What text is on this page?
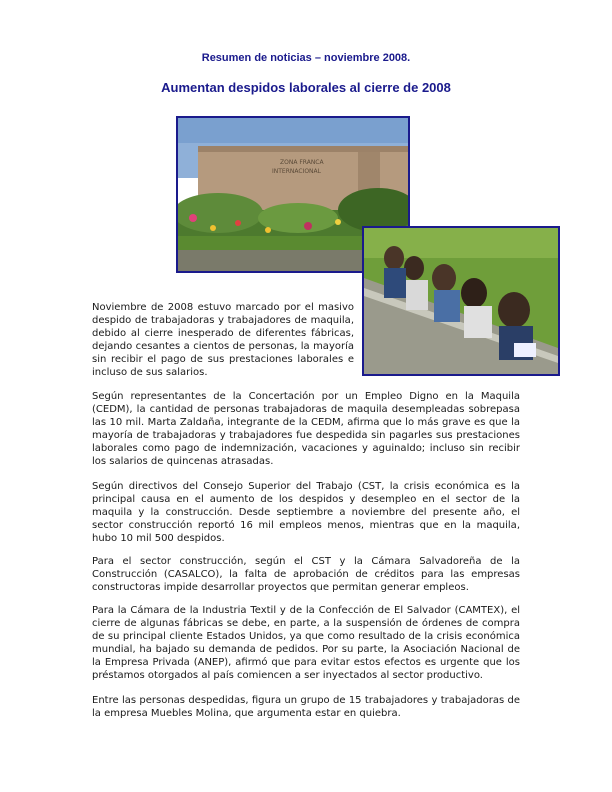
Resumen de noticias – noviembre 2008.
Aumentan despidos laborales al cierre de 2008
ZONA FRANCA
INTERNACIONAL

Noviembre de 2008 estuvo marcado por el masivo despido de trabajadoras y trabajadores de maquila, debido al cierre inesperado de diferentes fábricas, dejando cesantes a cientos de personas, la mayoría sin recibir el pago de sus prestaciones laborales e incluso de sus salarios.

Según representantes de la Concertación por un Empleo Digno en la Maquila (CEDM), la cantidad de personas trabajadoras de maquila desempleadas sobrepasa las 10 mil. Marta Zaldaña, integrante de la CEDM, afirma que lo más grave es que la mayoría de trabajadoras y trabajadores fue despedida sin pagarles sus prestaciones laborales como pago de indemnización, vacaciones y aguinaldo; incluso sin recibir los salarios de quincenas atrasadas.

Según directivos del Consejo Superior del Trabajo (CST, la crisis económica es la principal causa en el aumento de los despidos y desempleo en el sector de la maquila y la construcción. Desde septiembre a noviembre del presente año, el sector construcción reportó 16 mil empleos menos, mientras que en la maquila, hubo 10 mil 500 despidos.

Para el sector construcción, según el CST y la Cámara Salvadoreña de la Construcción (CASALCO), la falta de aprobación de créditos para las empresas constructoras impide desarrollar proyectos que permitan generar empleos.

Para la Cámara de la Industria Textil y de la Confección de El Salvador (CAMTEX), el cierre de algunas fábricas se debe, en parte, a la suspensión de órdenes de compra de su principal cliente Estados Unidos, ya que como resultado de la crisis económica mundial, ha bajado su demanda de pedidos. Por su parte, la Asociación Nacional de la Empresa Privada (ANEP), afirmó que para evitar estos efectos es urgente que los préstamos otorgados al país comiencen a ser inyectados al sector productivo.

Entre las personas despedidas, figura un grupo de 15 trabajadores y trabajadoras de la empresa Muebles Molina, que argumenta estar en quiebra.
